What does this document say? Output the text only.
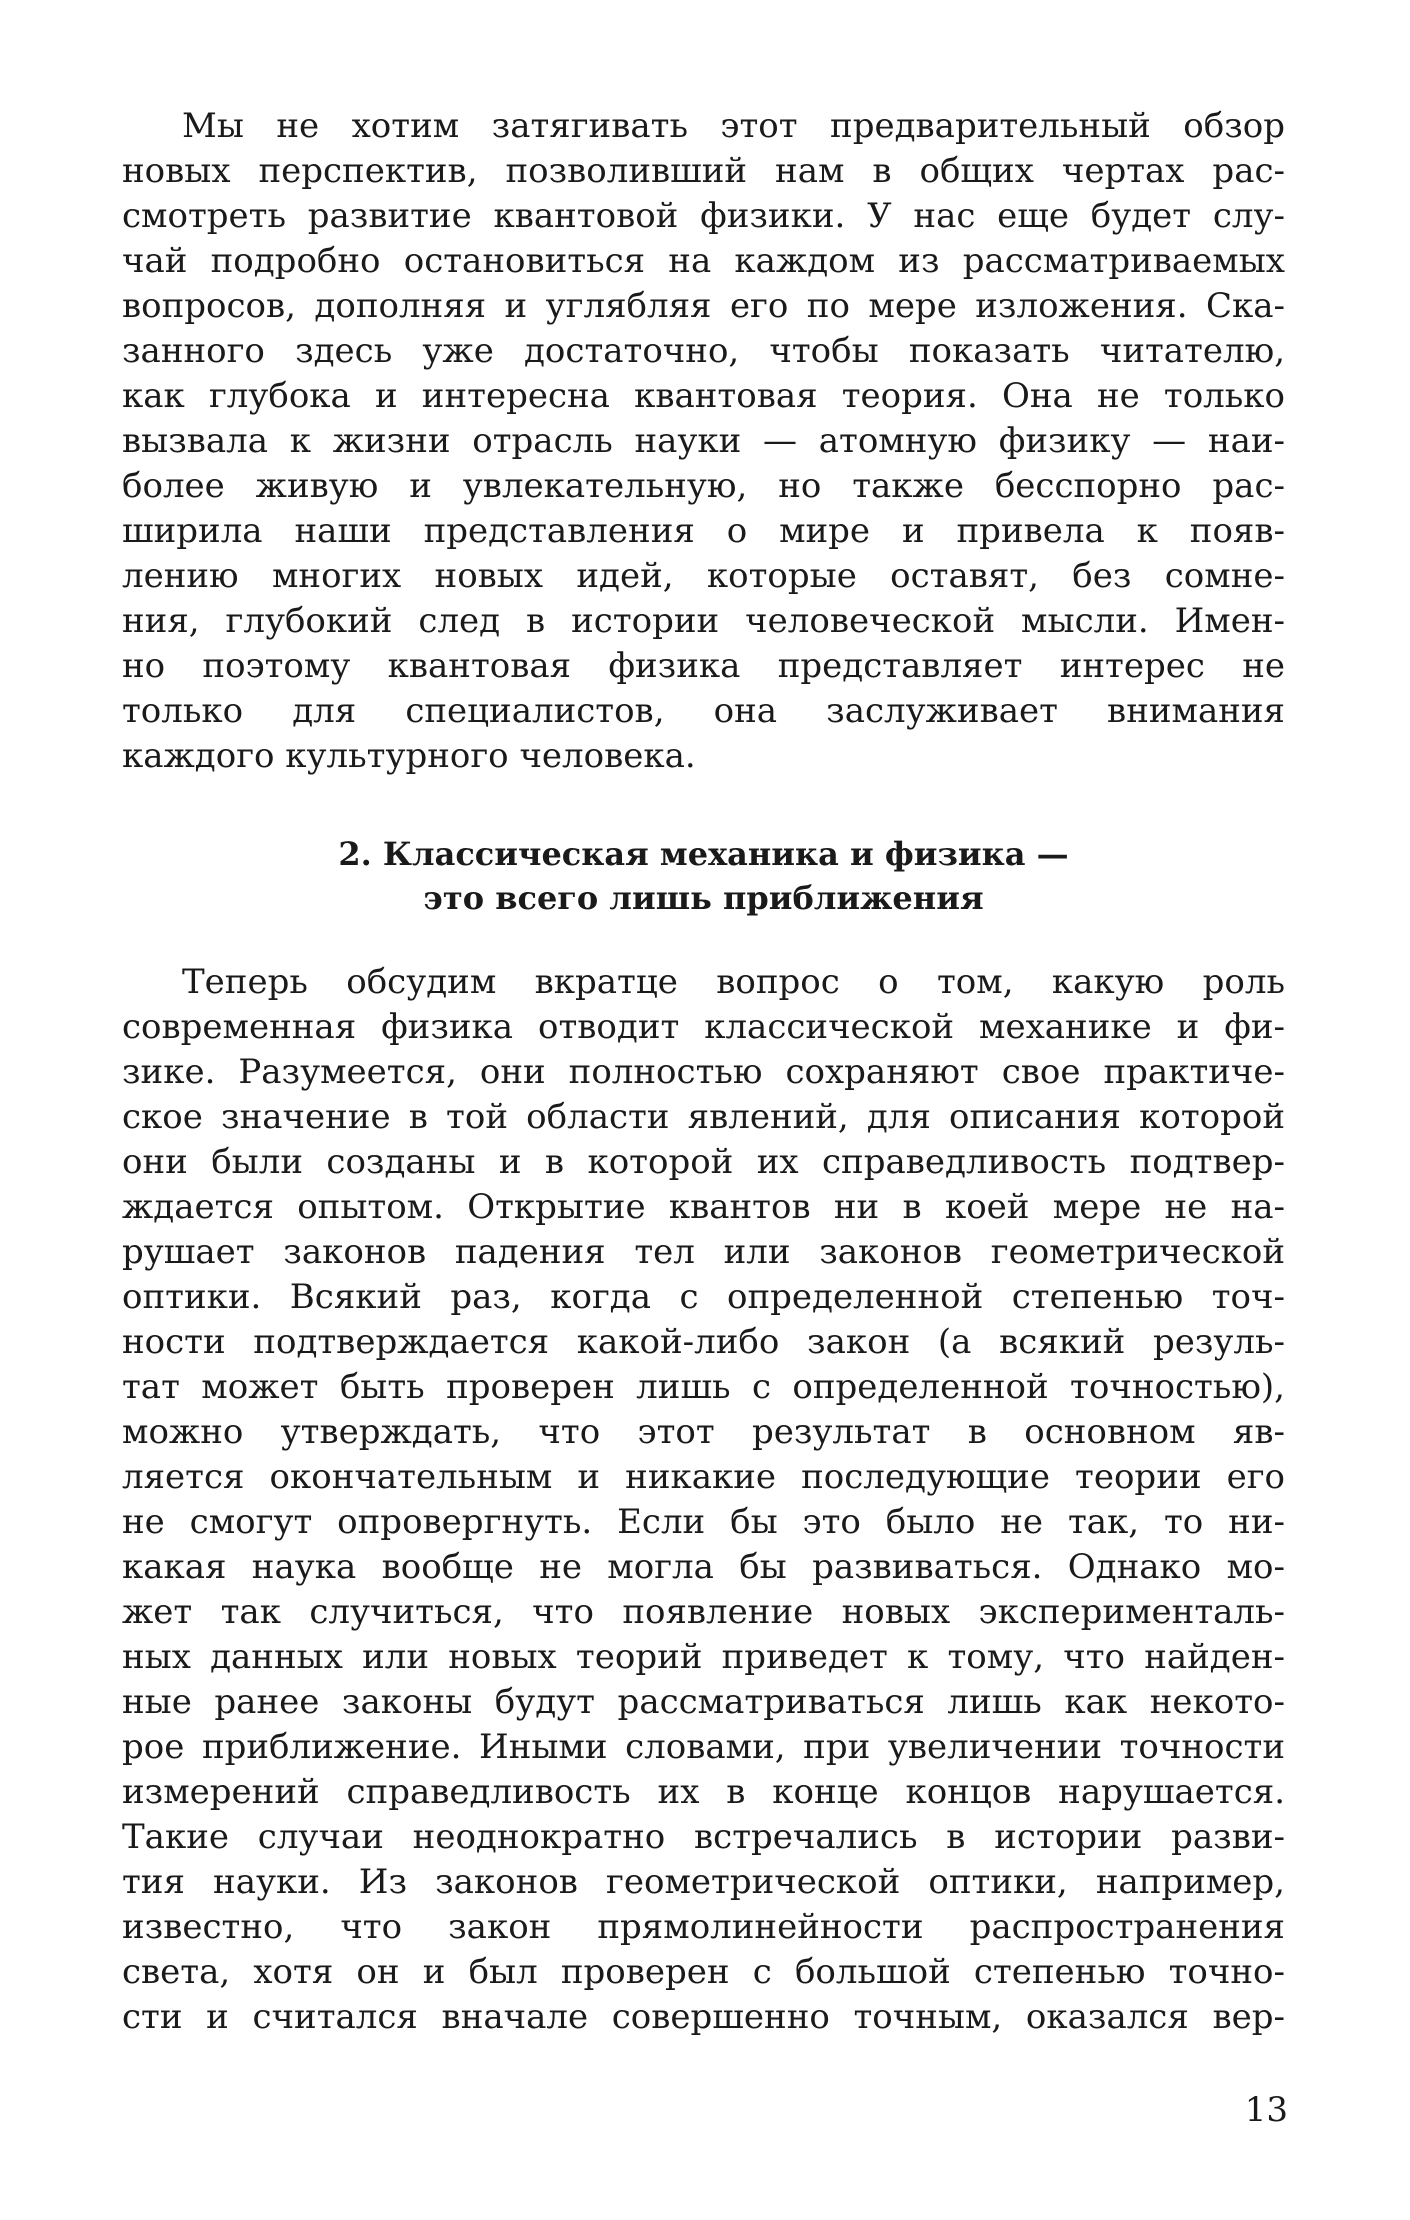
Мы не хотим затягивать этот предварительный обзор
новых перспектив, позволивший нам в общих чертах рас-
смотреть развитие квантовой физики. У нас еще будет слу-
чай подробно остановиться на каждом из рассматриваемых
вопросов, дополняя и углябляя его по мере изложения. Ска-
занного здесь уже достаточно, чтобы показать читателю,
как глубока и интересна квантовая теория. Она не только
вызвала к жизни отрасль науки — атомную физику — наи-
более живую и увлекательную, но также бесспорно рас-
ширила наши представления о мире и привела к появ-
лению многих новых идей, которые оставят, без сомне-
ния, глубокий след в истории человеческой мысли. Имен-
но поэтому квантовая физика представляет интерес не
только для специалистов, она заслуживает внимания
каждого культурного человека.
2. Классическая механика и физика —
это всего лишь приближения
Теперь обсудим вкратце вопрос о том, какую роль
современная физика отводит классической механике и фи-
зике. Разумеется, они полностью сохраняют свое практиче-
ское значение в той области явлений, для описания которой
они были созданы и в которой их справедливость подтвер-
ждается опытом. Открытие квантов ни в коей мере не на-
рушает законов падения тел или законов геометрической
оптики. Всякий раз, когда с определенной степенью точ-
ности подтверждается какой-либо закон (а всякий резуль-
тат может быть проверен лишь с определенной точностью),
можно утверждать, что этот результат в основном яв-
ляется окончательным и никакие последующие теории его
не смогут опровергнуть. Если бы это было не так, то ни-
какая наука вообще не могла бы развиваться. Однако мо-
жет так случиться, что появление новых эксперименталь-
ных данных или новых теорий приведет к тому, что найден-
ные ранее законы будут рассматриваться лишь как некото-
рое приближение. Иными словами, при увеличении точности
измерений справедливость их в конце концов нарушается.
Такие случаи неоднократно встречались в истории разви-
тия науки. Из законов геометрической оптики, например,
известно, что закон прямолинейности распространения
света, хотя он и был проверен с большой степенью точно-
сти и считался вначале совершенно точным, оказался вер-
13
